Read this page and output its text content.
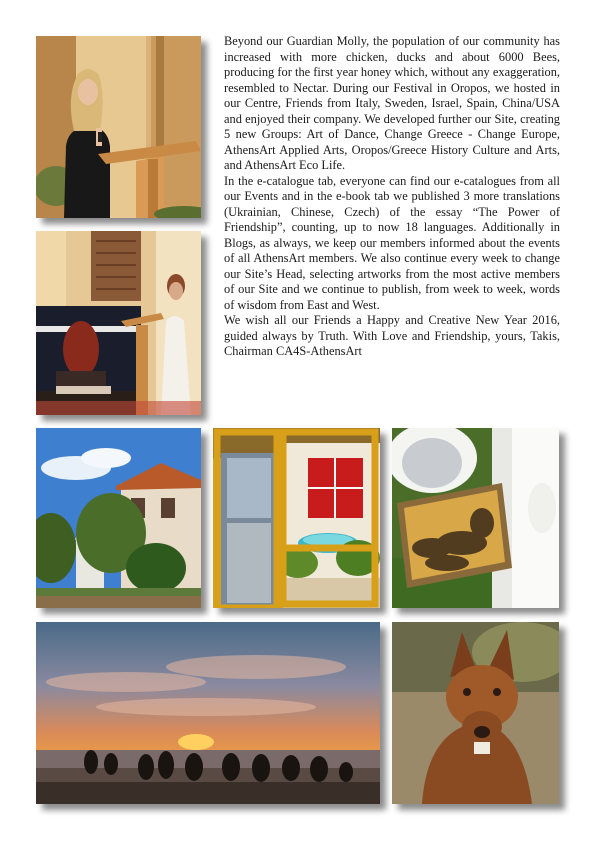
Beyond our Guardian Molly, the population of our community has increased with more chicken, ducks and about 6000 Bees, producing for the first year honey which, without any exaggeration, resembled to Nectar. During our Festival in Oropos, we hosted in our Centre, Friends from Italy, Sweden, Israel, Spain, China/USA and enjoyed their company. We developed further our Site, creating 5 new Groups: Art of Dance, Change Greece - Change Europe, AthensArt Applied Arts, Oropos/Greece History Culture and Arts, and AthensArt Eco Life.

In the e-catalogue tab, everyone can find our e-catalogues from all our Events and in the e-book tab we published 3 more translations (Ukrainian, Chinese, Czech) of the essay “The Power of Friendship”, counting, up to now 18 languages. Additionally in Blogs, as always, we keep our members informed about the events of all AthensArt members. We also continue every week to change our Site’s Head, selecting artworks from the most active members of our Site and we continue to publish, from week to week, words of wisdom from East and West.

We wish all our Friends a Happy and Creative New Year 2016, guided always by Truth. With Love and Friendship, yours, Takis, Chairman CA4S-AthensArt
